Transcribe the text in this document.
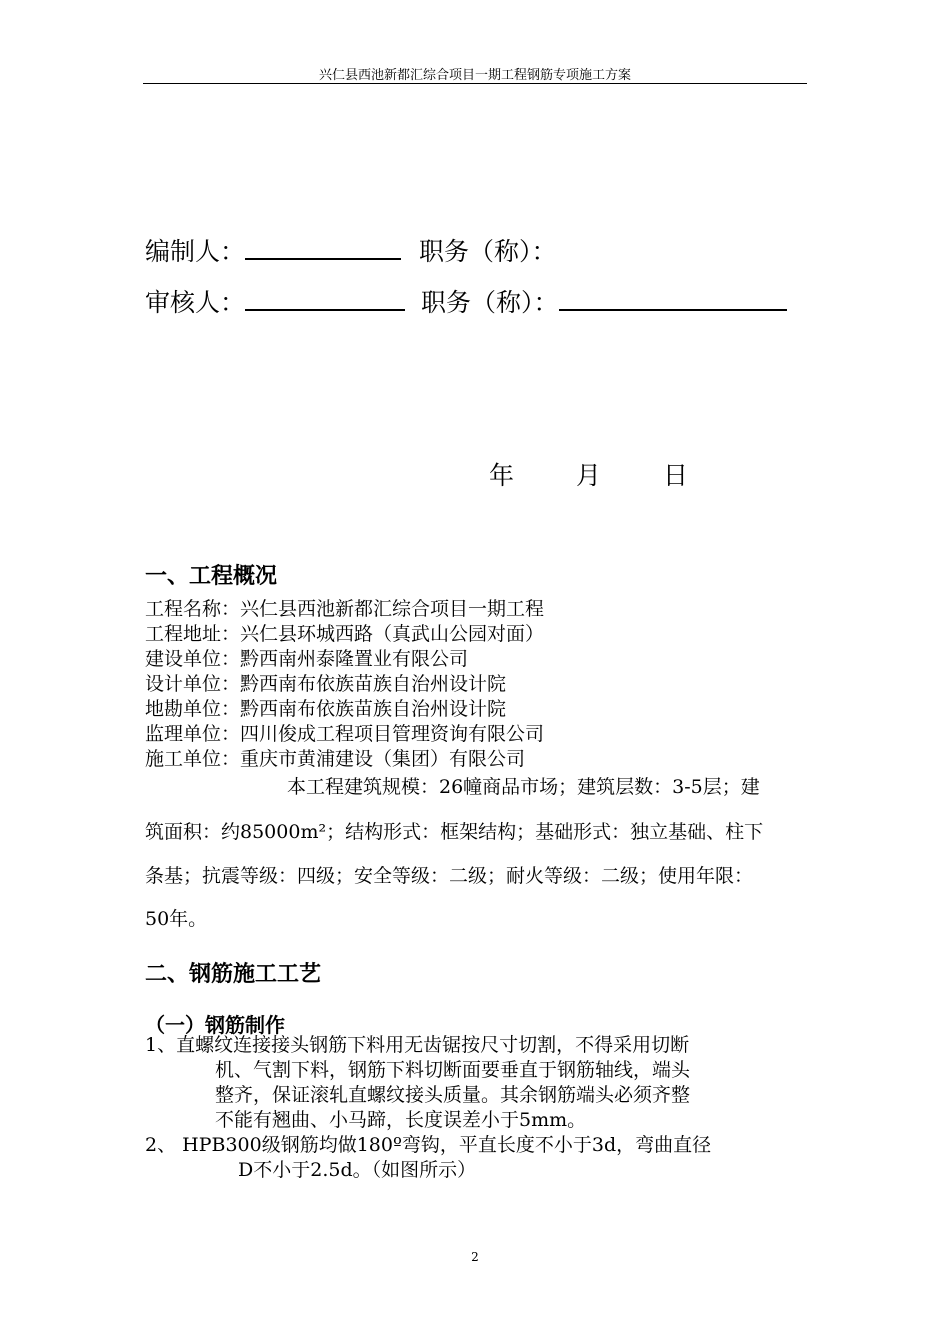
兴仁县西池新都汇综合项目一期工程钢筋专项施工方案
编制人：	职务（称）：
审核人：	职务（称）：
年 月 日
一、工程概况
工程名称：兴仁县西池新都汇综合项目一期工程
工程地址：兴仁县环城西路（真武山公园对面）
建设单位：黔西南州泰隆置业有限公司
设计单位：黔西南布依族苗族自治州设计院
地勘单位：黔西南布依族苗族自治州设计院
监理单位：四川俊成工程项目管理资询有限公司
施工单位：重庆市黄浦建设（集团）有限公司
本工程建筑规模：26幢商品市场；建筑层数：3-5层；建
筑面积：约85000m²；结构形式：框架结构；基础形式：独立基础、柱下
条基；抗震等级：四级；安全等级：二级；耐火等级：二级；使用年限：
50年。
二、钢筋施工工艺
（一）钢筋制作
1、直螺纹连接接头钢筋下料用无齿锯按尺寸切割，不得采用切断
机、气割下料，钢筋下料切断面要垂直于钢筋轴线，端头
整齐，保证滚轧直螺纹接头质量。其余钢筋端头必须齐整
不能有翘曲、小马蹄，长度误差小于5mm。
2、 HPB300级钢筋均做180º弯钩，平直长度不小于3d，弯曲直径
D不小于2.5d。（如图所示）
2
